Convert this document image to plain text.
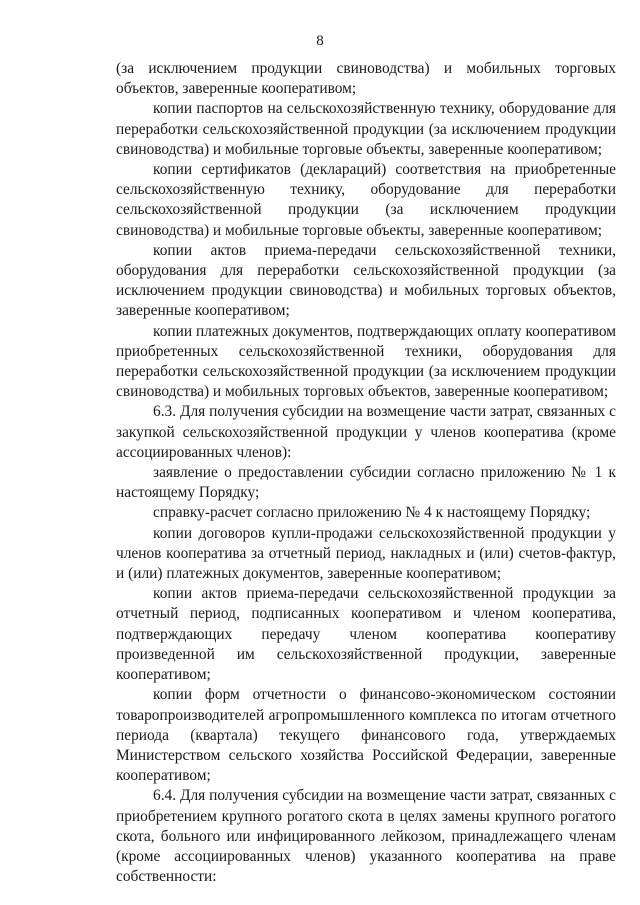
8

(за исключением продукции свиноводства) и мобильных торговых объектов, заверенные кооперативом;

копии паспортов на сельскохозяйственную технику, оборудование для переработки сельскохозяйственной продукции (за исключением продукции свиноводства) и мобильные торговые объекты, заверенные кооперативом;

копии сертификатов (деклараций) соответствия на приобретенные сельскохозяйственную технику, оборудование для переработки сельскохозяйственной продукции (за исключением продукции свиноводства) и мобильные торговые объекты, заверенные кооперативом;

копии актов приема-передачи сельскохозяйственной техники, оборудования для переработки сельскохозяйственной продукции (за исключением продукции свиноводства) и мобильных торговых объектов, заверенные кооперативом;

копии платежных документов, подтверждающих оплату кооперативом приобретенных сельскохозяйственной техники, оборудования для переработки сельскохозяйственной продукции (за исключением продукции свиноводства) и мобильных торговых объектов, заверенные кооперативом;

6.3. Для получения субсидии на возмещение части затрат, связанных с закупкой сельскохозяйственной продукции у членов кооператива (кроме ассоциированных членов):

заявление о предоставлении субсидии согласно приложению № 1 к настоящему Порядку;

справку-расчет согласно приложению № 4 к настоящему Порядку;

копии договоров купли-продажи сельскохозяйственной продукции у членов кооператива за отчетный период, накладных и (или) счетов-фактур, и (или) платежных документов, заверенные кооперативом;

копии актов приема-передачи сельскохозяйственной продукции за отчетный период, подписанных кооперативом и членом кооператива, подтверждающих передачу членом кооператива кооперативу произведенной им сельскохозяйственной продукции, заверенные кооперативом;

копии форм отчетности о финансово-экономическом состоянии товаропроизводителей агропромышленного комплекса по итогам отчетного периода (квартала) текущего финансового года, утверждаемых Министерством сельского хозяйства Российской Федерации, заверенные кооперативом;

6.4. Для получения субсидии на возмещение части затрат, связанных с приобретением крупного рогатого скота в целях замены крупного рогатого скота, больного или инфицированного лейкозом, принадлежащего членам (кроме ассоциированных членов) указанного кооператива на праве собственности:
